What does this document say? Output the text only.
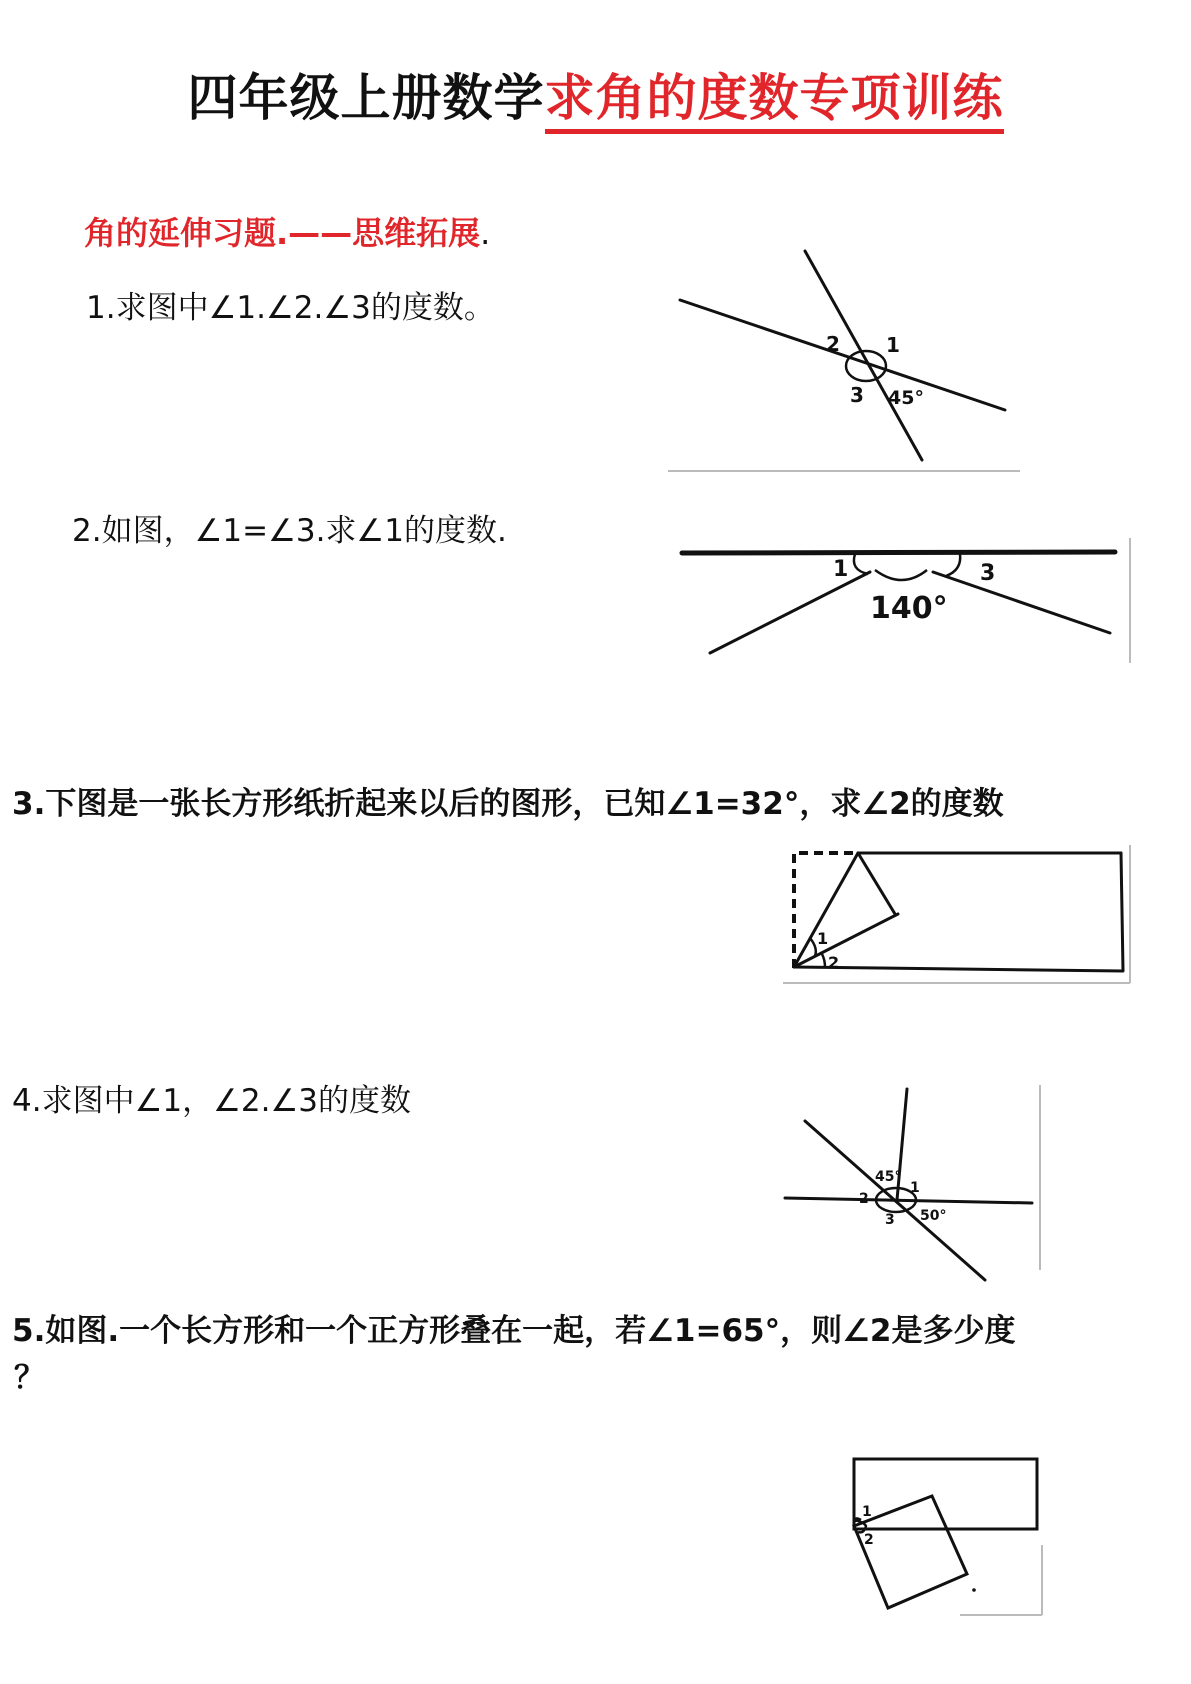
四年级上册数学求角的度数专项训练
角的延伸习题.——思维拓展.
1.求图中∠1.∠2.∠3的度数。
2 1
3 45°
2.如图，∠1=∠3.求∠1的度数.
1	3
140°
3.下图是一张长方形纸折起来以后的图形，已知∠1=32°，求∠2的度数
1
2
4.求图中∠1，∠2.∠3的度数
45°
2
1
3 50°
5.如图.一个长方形和一个正方形叠在一起，若∠1=65°，则∠2是多少度
？
1
2
